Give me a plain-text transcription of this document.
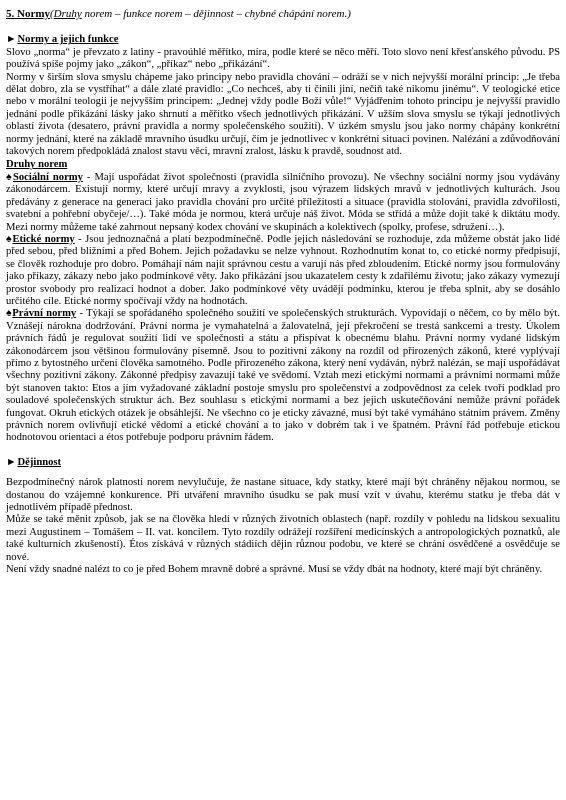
5. Normy(Druhy norem – funkce norem – dějinnost – chybné chápání norem.)
►Normy a jejich funkce

Slovo „norma“ je převzato z latiny - pravoúhlé měřítko, míra, podle které se něco měří. Toto slovo není křesťanského původu. PS používá spíše pojmy jako „zákon“, „příkaz“ nebo „přikázání“.

Normy v širším slova smyslu chápeme jako principy nebo pravidla chování – odráží se v nich nejvyšší morální princip: „Je třeba dělat dobro, zla se vystříhat“ a dále zlaté pravidlo: „Co nechceš, aby ti činili jiní, nečiň také nikomu jinému“. V teologické etice nebo v morální teologii je nejvyšším principem: „Jednej vždy podle Boží vůle!“ Vyjádřením tohoto principu je nejvyšší pravidlo jednání podle přikázání lásky jako shrnutí a měřítko všech jednotlivých přikázání. V užším slova smyslu se týkají jednotlivých oblastí života (desatero, právní pravidla a normy společenského soužití). V úzkém smyslu jsou jako normy chápány konkrétní normy jednání, které na základě mravního úsudku určují, čím je jednotlivec v konkrétní situaci povinen. Nalézání a zdůvodňování takových norem předpokládá znalost stavu věci, mravní zralost, lásku k pravdě, soudnost atd.

Druhy norem

♠Sociální normy - Mají uspořádat život společnosti (pravidla silničního provozu). Ne všechny sociální normy jsou vydávány zákonodárcem. Existují normy, které určují mravy a zvyklosti, jsou výrazem lidských mravů v jednotlivých kulturách. Jsou předávány z generace na generaci jako pravidla chování pro určité příležitosti a situace (pravidla stolování, pravidla zdvořilosti, svatební a pohřební obyčeje/…). Také móda je normou, která určuje náš život. Móda se střídá a může dojít také k diktátu mody. Mezi normy můžeme také zahrnout nepsaný kodex chování ve skupinách a kolektivech (spolky, profese, sdružení…).

♠Etické normy - Jsou jednoznačná a platí bezpodmínečně. Podle jejich následování se rozhoduje, zda můžeme obstát jako lidé před sebou, před bližními a před Bohem. Jejich požadavku se nelze vyhnout. Rozhodnutím konat to, co etické normy předpisují, se člověk rozhoduje pro dobro. Pomáhají nám najít správnou cestu a varují nás před zbloudením. Etické normy jsou formulovány jako příkazy, zákazy nebo jako podmínkové věty. Jako přikázání jsou ukazatelem cesty k zdařilému životu; jako zákazy vymezují prostor svobody pro realizaci hodnot a dober. Jako podmínkové věty uvádějí podmínku, kterou je třeba splnit, aby se dosáhlo určitého cíle. Etické normy spočívají vždy na hodnotách.

♠Právní normy - Týkají se spořádaného společného soužití ve společenských strukturách. Vypovídají o něčem, co by mělo být. Vznášejí nárokna dodržování. Právní norma je vymahatelná a žalovatelná, její překročení se trestá sankcemi a tresty. Úkolem právních řádů je regulovat soužití lidí ve společnosti a státu a přispívat k obecnému blahu. Právní normy vydané lidským zákonodárcem jsou většinou formulovány písemně. Jsou to pozitivní zákony na rozdíl od přirozených zákonů, které vyplývají přímo z bytostného určení člověka samotného. Podle přirozeného zákona, který není vydáván, nýbrž nalézán, se mají uspořádávat všechny pozitivní zákony. Zákonné předpisy zavazují také ve svědomí. Vztah mezi etickými normami a právními normami může být stanoven takto: Etos a jím vyžadované základní postoje smyslu pro společenství a zodpovědnost za celek tvoří podklad pro souladové společenských struktur ách. Bez souhlasu s etickými normami a bez jejich uskutečňování nemůže právní pořádek fungovat. Okruh etických otázek je obsáhlejší. Ne všechno co je eticky závazné, musí být také vymáháno státním právem. Změny právních norem ovlivňují etické vědomí a etické chování a to jako v dobrém tak i ve špatném. Právní řád potřebuje etickou hodnotovou orientaci a étos potřebuje podporu právním řádem.

►Dějinnost

Bezpodmínečný nárok platnosti norem nevylučuje, že nastane situace, kdy statky, které mají být chráněny nějakou normou, se dostanou do vzájemné konkurence. Při utváření mravního úsudku se pak musí vzít v úvahu, kterému statku je třeba dát v jednotlivém případě přednost.

Může se také měnit způsob, jak se na člověka hledí v různých životních oblastech (např. rozdíly v pohledu na lidskou sexualitu mezi Augustinem – Tomášem – II. vat. koncilem. Tyto rozdíly odrážejí rozšíření medicínských a antropologických poznatků, ale také kulturních zkušeností). Étos získává v různých stádiích dějin různou podobu, ve které se chrání osvědčené a osvědčuje se nové.

Není vždy snadné nalézt to co je před Bohem mravně dobré a správné. Musí se vždy dbát na hodnoty, které mají být chráněny.
